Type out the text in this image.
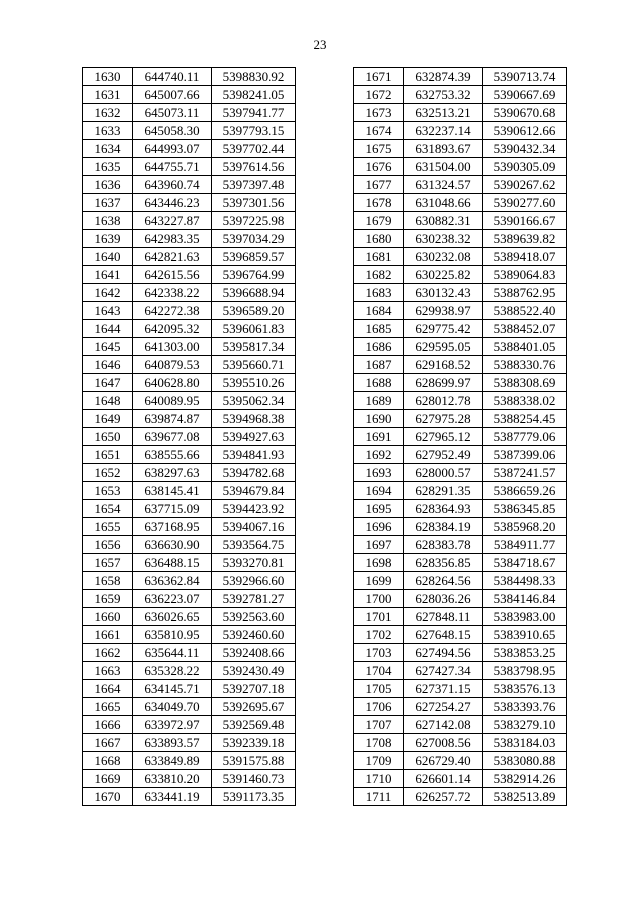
23
1630	644740.11	5398830.92
1631	645007.66	5398241.05
1632	645073.11	5397941.77
1633	645058.30	5397793.15
1634	644993.07	5397702.44
1635	644755.71	5397614.56
1636	643960.74	5397397.48
1637	643446.23	5397301.56
1638	643227.87	5397225.98
1639	642983.35	5397034.29
1640	642821.63	5396859.57
1641	642615.56	5396764.99
1642	642338.22	5396688.94
1643	642272.38	5396589.20
1644	642095.32	5396061.83
1645	641303.00	5395817.34
1646	640879.53	5395660.71
1647	640628.80	5395510.26
1648	640089.95	5395062.34
1649	639874.87	5394968.38
1650	639677.08	5394927.63
1651	638555.66	5394841.93
1652	638297.63	5394782.68
1653	638145.41	5394679.84
1654	637715.09	5394423.92
1655	637168.95	5394067.16
1656	636630.90	5393564.75
1657	636488.15	5393270.81
1658	636362.84	5392966.60
1659	636223.07	5392781.27
1660	636026.65	5392563.60
1661	635810.95	5392460.60
1662	635644.11	5392408.66
1663	635328.22	5392430.49
1664	634145.71	5392707.18
1665	634049.70	5392695.67
1666	633972.97	5392569.48
1667	633893.57	5392339.18
1668	633849.89	5391575.88
1669	633810.20	5391460.73
1670	633441.19	5391173.35
1671	632874.39	5390713.74
1672	632753.32	5390667.69
1673	632513.21	5390670.68
1674	632237.14	5390612.66
1675	631893.67	5390432.34
1676	631504.00	5390305.09
1677	631324.57	5390267.62
1678	631048.66	5390277.60
1679	630882.31	5390166.67
1680	630238.32	5389639.82
1681	630232.08	5389418.07
1682	630225.82	5389064.83
1683	630132.43	5388762.95
1684	629938.97	5388522.40
1685	629775.42	5388452.07
1686	629595.05	5388401.05
1687	629168.52	5388330.76
1688	628699.97	5388308.69
1689	628012.78	5388338.02
1690	627975.28	5388254.45
1691	627965.12	5387779.06
1692	627952.49	5387399.06
1693	628000.57	5387241.57
1694	628291.35	5386659.26
1695	628364.93	5386345.85
1696	628384.19	5385968.20
1697	628383.78	5384911.77
1698	628356.85	5384718.67
1699	628264.56	5384498.33
1700	628036.26	5384146.84
1701	627848.11	5383983.00
1702	627648.15	5383910.65
1703	627494.56	5383853.25
1704	627427.34	5383798.95
1705	627371.15	5383576.13
1706	627254.27	5383393.76
1707	627142.08	5383279.10
1708	627008.56	5383184.03
1709	626729.40	5383080.88
1710	626601.14	5382914.26
1711	626257.72	5382513.89
